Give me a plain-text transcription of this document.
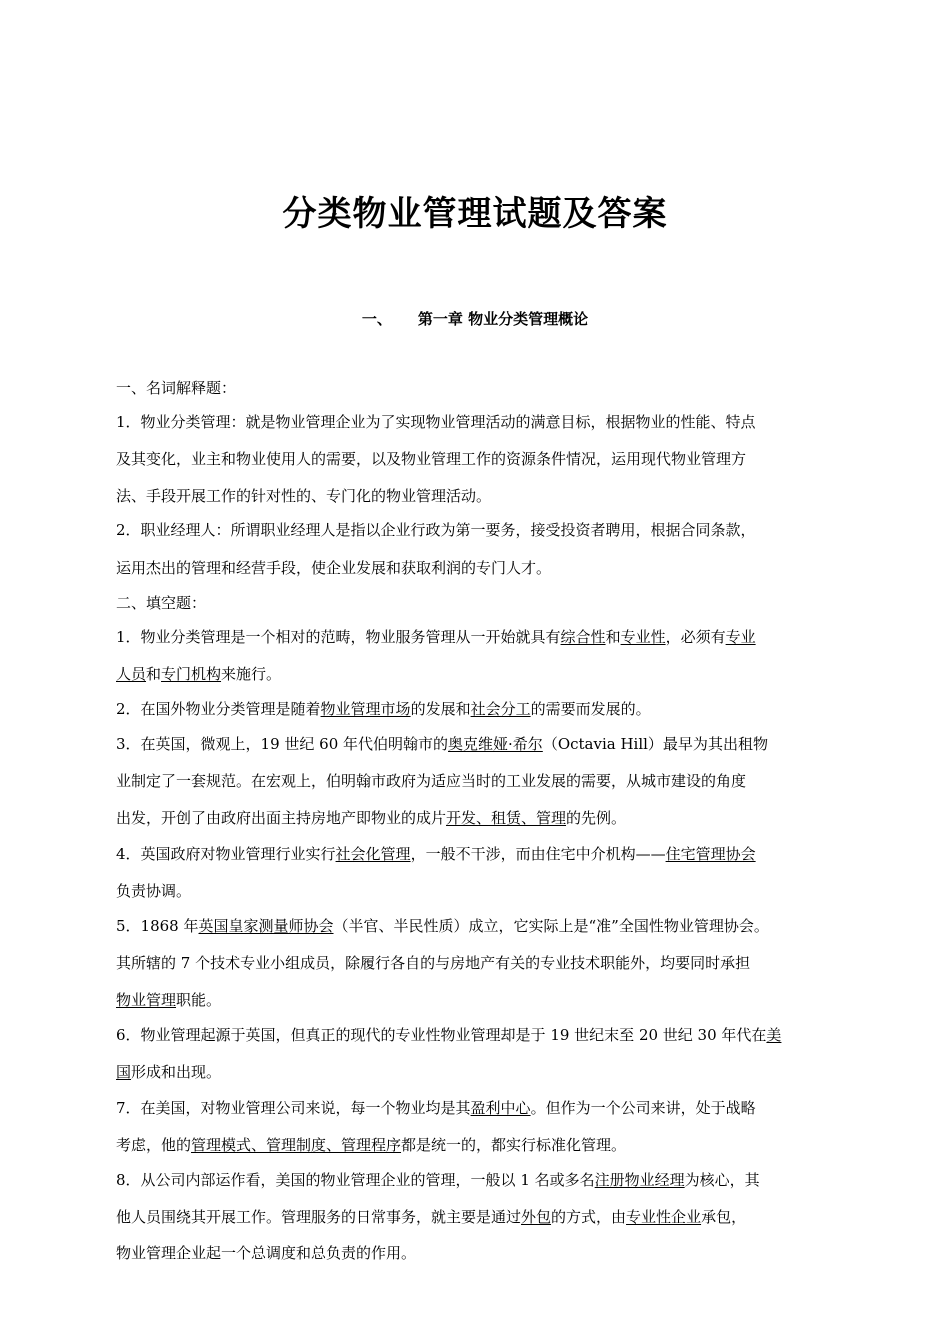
分类物业管理试题及答案
一、 第一章 物业分类管理概论
一、名词解释题：
1．物业分类管理：就是物业管理企业为了实现物业管理活动的满意目标，根据物业的性能、特点
及其变化，业主和物业使用人的需要，以及物业管理工作的资源条件情况，运用现代物业管理方
法、手段开展工作的针对性的、专门化的物业管理活动。
2．职业经理人：所谓职业经理人是指以企业行政为第一要务，接受投资者聘用，根据合同条款，
运用杰出的管理和经营手段，使企业发展和获取利润的专门人才。
二、填空题：
1．物业分类管理是一个相对的范畴，物业服务管理从一开始就具有综合性和专业性，必须有专业
人员和专门机构来施行。
2．在国外物业分类管理是随着物业管理市场的发展和社会分工的需要而发展的。
3．在英国，微观上，19 世纪 60 年代伯明翰市的奥克维娅·希尔（Octavia Hill）最早为其出租物
业制定了一套规范。在宏观上，伯明翰市政府为适应当时的工业发展的需要，从城市建设的角度
出发，开创了由政府出面主持房地产即物业的成片开发、租赁、管理的先例。
4．英国政府对物业管理行业实行社会化管理，一般不干涉，而由住宅中介机构——住宅管理协会
负责协调。
5．1868 年英国皇家测量师协会（半官、半民性质）成立，它实际上是“准”全国性物业管理协会。
其所辖的 7 个技术专业小组成员，除履行各自的与房地产有关的专业技术职能外，均要同时承担
物业管理职能。
6．物业管理起源于英国，但真正的现代的专业性物业管理却是于 19 世纪末至 20 世纪 30 年代在美
国形成和出现。
7．在美国，对物业管理公司来说，每一个物业均是其盈利中心。但作为一个公司来讲，处于战略
考虑，他的管理模式、管理制度、管理程序都是统一的，都实行标准化管理。
8．从公司内部运作看，美国的物业管理企业的管理，一般以 1 名或多名注册物业经理为核心，其
他人员围绕其开展工作。管理服务的日常事务，就主要是通过外包的方式，由专业性企业承包，
物业管理企业起一个总调度和总负责的作用。
